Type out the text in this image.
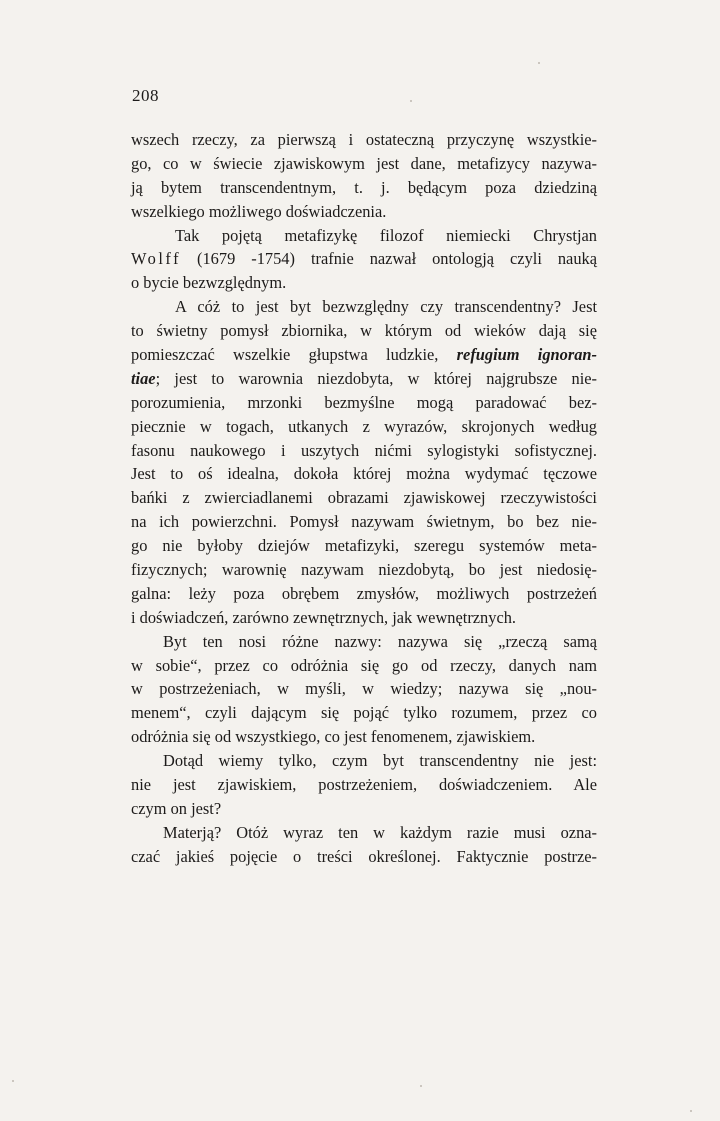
208
wszech rzeczy, za pierwszą i ostateczną przyczynę wszystkie-
go, co w świecie zjawiskowym jest dane, metafizycy nazywa-
ją bytem transcendentnym, t. j. będącym poza dziedziną
wszelkiego możliwego doświadczenia.
Tak pojętą metafizykę filozof niemiecki Chrystjan
Wolff (1679 -1754) trafnie nazwał ontologją czyli nauką
o bycie bezwzględnym.
A cóż to jest byt bezwzględny czy transcendentny? Jest
to świetny pomysł zbiornika, w którym od wieków dają się
pomieszczać wszelkie głupstwa ludzkie, refugium ignoran-
tiae; jest to warownia niezdobyta, w której najgrubsze nie-
porozumienia, mrzonki bezmyślne mogą paradować bez-
piecznie w togach, utkanych z wyrazów, skrojonych według
fasonu naukowego i uszytych nićmi sylogistyki sofistycznej.
Jest to oś idealna, dokoła której można wydymać tęczowe
bańki z zwierciadlanemi obrazami zjawiskowej rzeczywistości
na ich powierzchni. Pomysł nazywam świetnym, bo bez nie-
go nie byłoby dziejów metafizyki, szeregu systemów meta-
fizycznych; warownię nazywam niezdobytą, bo jest niedosię-
galna: leży poza obrębem zmysłów, możliwych postrzeżeń
i doświadczeń, zarówno zewnętrznych, jak wewnętrznych.
Byt ten nosi różne nazwy: nazywa się „rzeczą samą
w sobie“, przez co odróżnia się go od rzeczy, danych nam
w postrzeżeniach, w myśli, w wiedzy; nazywa się „nou-
menem“, czyli dającym się pojąć tylko rozumem, przez co
odróżnia się od wszystkiego, co jest fenomenem, zjawiskiem.
Dotąd wiemy tylko, czym byt transcendentny nie jest:
nie jest zjawiskiem, postrzeżeniem, doświadczeniem. Ale
czym on jest?
Materją? Otóż wyraz ten w każdym razie musi ozna-
czać jakieś pojęcie o treści określonej. Faktycznie postrze-
